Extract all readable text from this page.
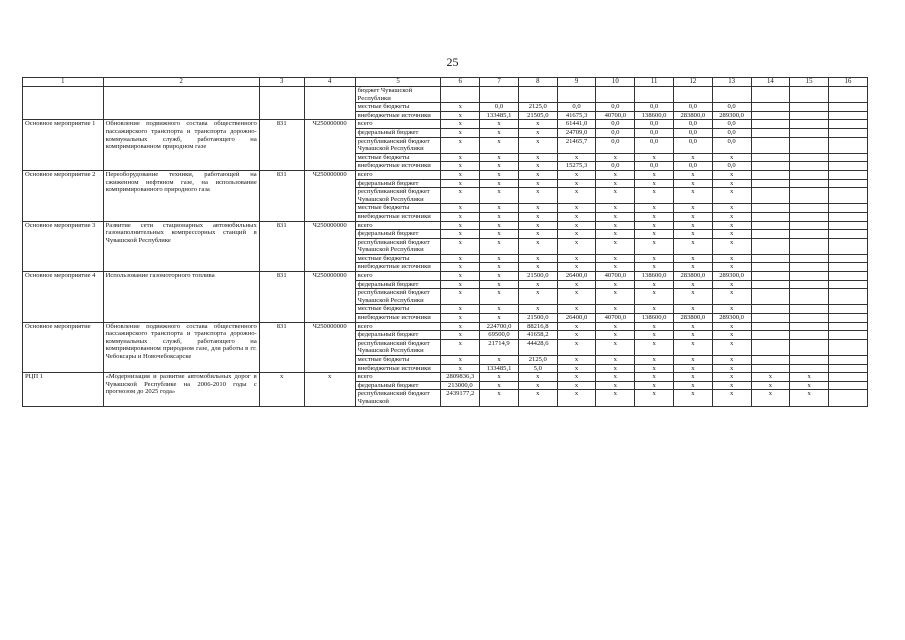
25
1	2	3	4	5	6	7	8	9	10	11	12	13	14	15	16
				бюджет Чувашской Республики											
				местные бюджеты	х	0,0	2125,0	0,0	0,0	0,0	0,0	0,0			
				внебюджетные источники	х	133485,1	21505,0	41675,3	40700,0	138600,0	283800,0	289300,0			
Основное мероприятие 1	Обновление подвижного состава общественного пассажирского транспорта и транспорта дорожно-коммунальных служб, работающего на компримированном природном газе	831	Ч250000000	всего	х	х	х	61441,0	0,0	0,0	0,0	0,0			
				федеральный бюджет	х	х	х	24709,0	0,0	0,0	0,0	0,0			
				республиканский бюджет Чувашской Республики	х	х	х	21465,7	0,0	0,0	0,0	0,0			
				местные бюджеты	х	х	х	х	х	х	х	х			
				внебюджетные источники	х	х	х	15275,3	0,0	0,0	0,0	0,0			
Основное мероприятие 2	Переоборудование техники, работающей на сжиженном нефтяном газе, на использование компримированного природного газа	831	Ч250000000	всего	х	х	х	х	х	х	х	х			
				федеральный бюджет	х	х	х	х	х	х	х	х			
				республиканский бюджет Чувашской Республики	х	х	х	х	х	х	х	х			
				местные бюджеты	х	х	х	х	х	х	х	х			
				внебюджетные источники	х	х	х	х	х	х	х	х			
Основное мероприятие 3	Развитие сети стационарных автомобильных газонаполнительных компрессорных станций в Чувашской Республике	831	Ч250000000	всего	х	х	х	х	х	х	х	х			
				федеральный бюджет	х	х	х	х	х	х	х	х			
				республиканский бюджет Чувашской Республики	х	х	х	х	х	х	х	х			
				местные бюджеты	х	х	х	х	х	х	х	х			
				внебюджетные источники	х	х	х	х	х	х	х	х			
Основное мероприятие 4	Использование газомоторного топлива	831	Ч250000000	всего	х	х	21500,0	26400,0	40700,0	138600,0	283800,0	289300,0			
				федеральный бюджет	х	х	х	х	х	х	х	х			
				республиканский бюджет Чувашской Республики	х	х	х	х	х	х	х	х			
				местные бюджеты	х	х	х	х	х	х	х	х			
				внебюджетные источники	х	х	21500,0	26400,0	40700,0	138600,0	283800,0	289300,0			
Основное мероприятие	Обновление подвижного состава общественного пассажирского транспорта и транспорта дорожно-коммунальных служб, работающего на компримированном природном газе, для работы в гг. Чебоксары и Новочебоксарске	831	Ч250000000	всего	х	224700,0	88216,8	х	х	х	х	х			
				федеральный бюджет	х	69500,0	41658,2	х	х	х	х	х			
				республиканский бюджет Чувашской Республики	х	21714,9	44428,6	х	х	х	х	х			
				местные бюджеты	х	х	2125,0	х	х	х	х	х			
				внебюджетные источники	х	133485,1	5,0	х	х	х	х	х			
РЦП 1	«Модернизация и развитие автомобильных дорог в Чувашской Республике на 2006‑2010 годы с прогнозом до 2025 года»	х	х	всего	2809836,3	х	х	х	х	х	х	х	х	х	
				федеральный бюджет	213000,0	х	х	х	х	х	х	х	х	х	
				республиканский бюджет Чувашской	2439177,2	х	х	х	х	х	х	х	х	х	
